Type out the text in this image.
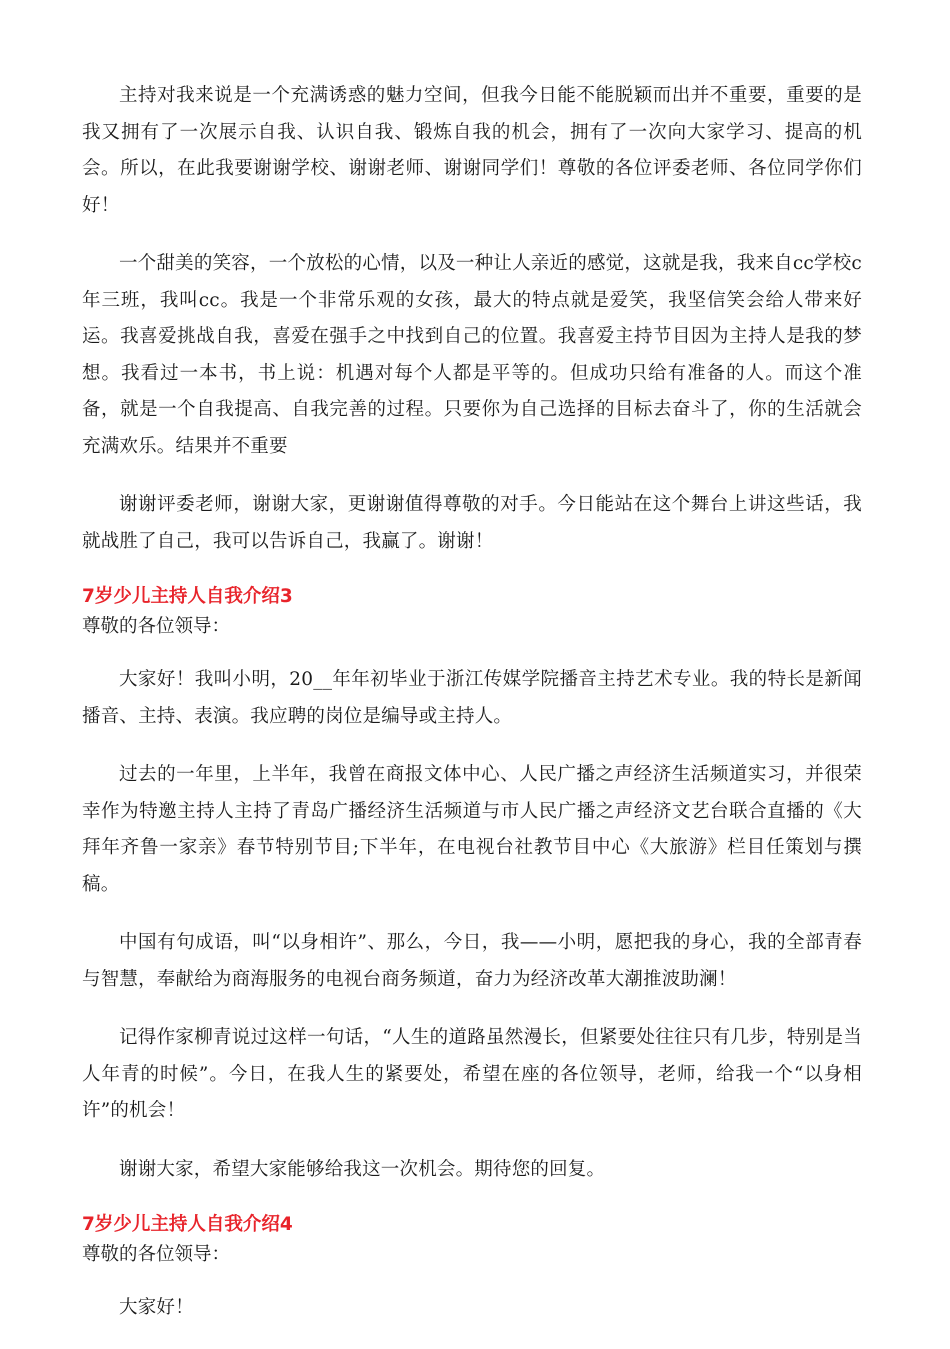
主持对我来说是一个充满诱惑的魅力空间，但我今日能不能脱颖而出并不重要，重要的是我又拥有了一次展示自我、认识自我、锻炼自我的机会，拥有了一次向大家学习、提高的机会。所以，在此我要谢谢学校、谢谢老师、谢谢同学们！尊敬的各位评委老师、各位同学你们好！

一个甜美的笑容，一个放松的心情，以及一种让人亲近的感觉，这就是我，我来自cc学校c年三班，我叫cc。我是一个非常乐观的女孩，最大的特点就是爱笑，我坚信笑会给人带来好运。我喜爱挑战自我，喜爱在强手之中找到自己的位置。我喜爱主持节目因为主持人是我的梦想。我看过一本书，书上说：机遇对每个人都是平等的。但成功只给有准备的人。而这个准备，就是一个自我提高、自我完善的过程。只要你为自己选择的目标去奋斗了，你的生活就会充满欢乐。结果并不重要

谢谢评委老师，谢谢大家，更谢谢值得尊敬的对手。今日能站在这个舞台上讲这些话，我就战胜了自己，我可以告诉自己，我赢了。谢谢！

7岁少儿主持人自我介绍3

尊敬的各位领导：

大家好！我叫小明，20__年年初毕业于浙江传媒学院播音主持艺术专业。我的特长是新闻播音、主持、表演。我应聘的岗位是编导或主持人。

过去的一年里，上半年，我曾在商报文体中心、人民广播之声经济生活频道实习，并很荣幸作为特邀主持人主持了青岛广播经济生活频道与市人民广播之声经济文艺台联合直播的《大拜年齐鲁一家亲》春节特别节目;下半年，在电视台社教节目中心《大旅游》栏目任策划与撰稿。

中国有句成语，叫“以身相许”、那么，今日，我——小明，愿把我的身心，我的全部青春与智慧，奉献给为商海服务的电视台商务频道，奋力为经济改革大潮推波助澜！

记得作家柳青说过这样一句话，“人生的道路虽然漫长，但紧要处往往只有几步，特别是当人年青的时候”。今日，在我人生的紧要处，希望在座的各位领导，老师，给我一个“以身相许”的机会！

谢谢大家，希望大家能够给我这一次机会。期待您的回复。

7岁少儿主持人自我介绍4

尊敬的各位领导：

大家好！
